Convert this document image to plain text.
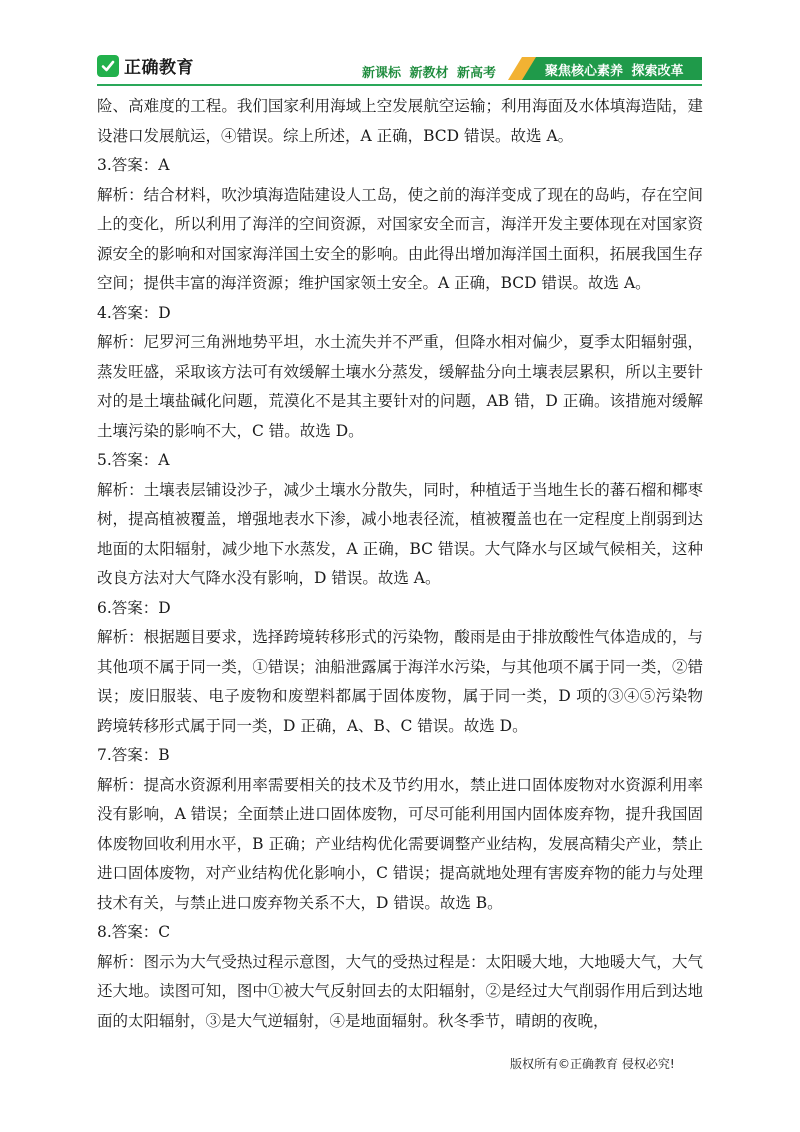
正确教育	新课标 新教材 新高考	聚焦核心素养 探索改革

险、高难度的工程。我们国家利用海域上空发展航空运输；利用海面及水体填海造陆，建设港口发展航运，④错误。综上所述，A 正确，BCD 错误。故选 A。

3.答案：A

解析：结合材料，吹沙填海造陆建设人工岛，使之前的海洋变成了现在的岛屿，存在空间上的变化，所以利用了海洋的空间资源，对国家安全而言，海洋开发主要体现在对国家资源安全的影响和对国家海洋国土安全的影响。由此得出增加海洋国土面积，拓展我国生存空间；提供丰富的海洋资源；维护国家领土安全。A 正确，BCD 错误。故选 A。

4.答案：D

解析：尼罗河三角洲地势平坦，水土流失并不严重，但降水相对偏少，夏季太阳辐射强，蒸发旺盛，采取该方法可有效缓解土壤水分蒸发，缓解盐分向土壤表层累积，所以主要针对的是土壤盐碱化问题，荒漠化不是其主要针对的问题，AB 错，D 正确。该措施对缓解土壤污染的影响不大，C 错。故选 D。

5.答案：A

解析：土壤表层铺设沙子，减少土壤水分散失，同时，种植适于当地生长的蕃石榴和椰枣树，提高植被覆盖，增强地表水下渗，减小地表径流，植被覆盖也在一定程度上削弱到达地面的太阳辐射，减少地下水蒸发，A 正确，BC 错误。大气降水与区域气候相关，这种改良方法对大气降水没有影响，D 错误。故选 A。

6.答案：D

解析：根据题目要求，选择跨境转移形式的污染物，酸雨是由于排放酸性气体造成的，与其他项不属于同一类，①错误；油船泄露属于海洋水污染，与其他项不属于同一类，②错误；废旧服装、电子废物和废塑料都属于固体废物，属于同一类，D 项的③④⑤污染物跨境转移形式属于同一类，D 正确，A、B、C 错误。故选 D。

7.答案：B

解析：提高水资源利用率需要相关的技术及节约用水，禁止进口固体废物对水资源利用率没有影响，A 错误；全面禁止进口固体废物，可尽可能利用国内固体废弃物，提升我国固体废物回收利用水平，B 正确；产业结构优化需要调整产业结构，发展高精尖产业，禁止进口固体废物，对产业结构优化影响小，C 错误；提高就地处理有害废弃物的能力与处理技术有关，与禁止进口废弃物关系不大，D 错误。故选 B。

8.答案：C

解析：图示为大气受热过程示意图，大气的受热过程是：太阳暖大地，大地暖大气，大气还大地。读图可知，图中①被大气反射回去的太阳辐射，②是经过大气削弱作用后到达地面的太阳辐射，③是大气逆辐射，④是地面辐射。秋冬季节，晴朗的夜晚，

版权所有©正确教育 侵权必究!
